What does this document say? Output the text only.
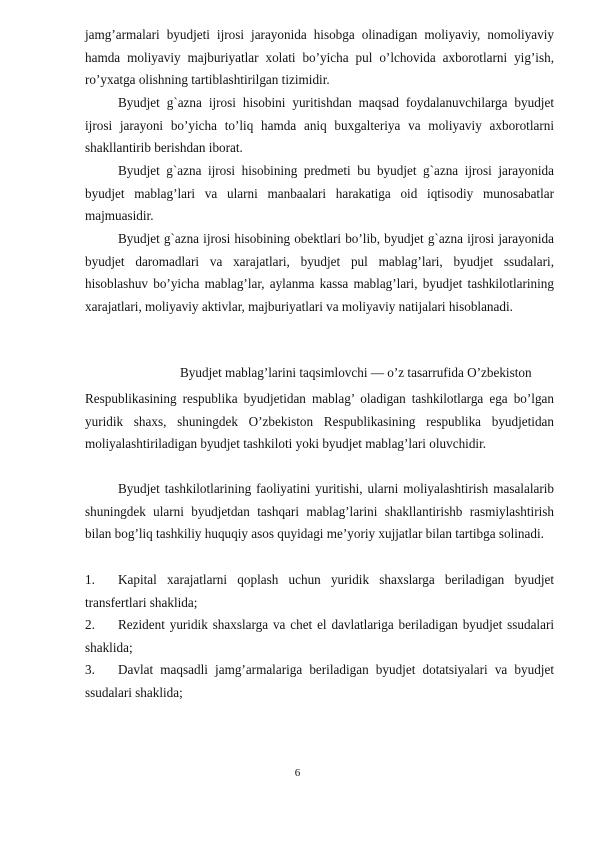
jamg’armalari byudjeti ijrosi jarayonida hisobga olinadigan moliyaviy, nomoliyaviy hamda moliyaviy majburiyatlar xolati bo’yicha pul o’lchovida axborotlarni yig’ish, ro’yxatga olishning tartiblashtirilgan tizimidir.

Byudjet g`azna ijrosi hisobini yuritishdan maqsad foydalanuvchilarga byudjet ijrosi jarayoni bo’yicha to’liq hamda aniq buxgalteriya va moliyaviy axborotlarni shakllantirib berishdan iborat.

Byudjet g`azna ijrosi hisobining predmeti bu byudjet g`azna ijrosi jarayonida byudjet mablag’lari va ularni manbaalari harakatiga oid iqtisodiy munosabatlar majmuasidir.

Byudjet g`azna ijrosi hisobining obektlari bo’lib, byudjet g`azna ijrosi jarayonida byudjet daromadlari va xarajatlari, byudjet pul mablag’lari, byudjet ssudalari, hisoblashuv bo’yicha mablag’lar, aylanma kassa mablag’lari, byudjet tashkilotlarining xarajatlari, moliyaviy aktivlar, majburiyatlari va moliyaviy natijalari hisoblanadi.

Byudjet mablag’larini taqsimlovchi — o’z tasarrufida O’zbekiston

Respublikasining respublika byudjetidan mablag’ oladigan tashkilotlarga ega bo’lgan yuridik shaxs, shuningdek O’zbekiston Respublikasining respublika byudjetidan moliyalashtiriladigan byudjet tashkiloti yoki byudjet mablag’lari oluvchidir.

Byudjet tashkilotlarining faoliyatini yuritishi, ularni moliyalashtirish masalalarib shuningdek ularni byudjetdan tashqari mablag’larini shakllantirishb rasmiylashtirish bilan bog’liq tashkiliy huquqiy asos quyidagi me’yoriy xujjatlar bilan tartibga solinadi.

1. Kapital xarajatlarni qoplash uchun yuridik shaxslarga beriladigan byudjet transfertlari shaklida;

2. Rezident yuridik shaxslarga va chet el davlatlariga beriladigan byudjet ssudalari shaklida;

3. Davlat maqsadli jamg’armalariga beriladigan byudjet dotatsiyalari va byudjet ssudalari shaklida;

6
